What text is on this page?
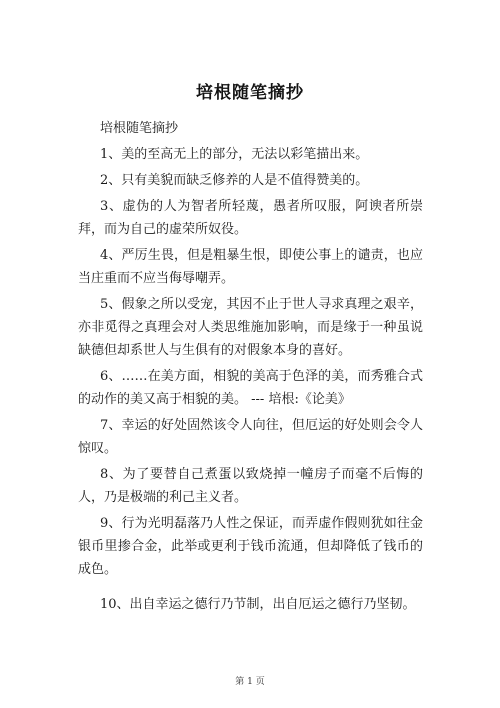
培根随笔摘抄
培根随笔摘抄
1、美的至高无上的部分，无法以彩笔描出来。
2、只有美貌而缺乏修养的人是不值得赞美的。
3、虚伪的人为智者所轻蔑，愚者所叹服，阿谀者所崇拜，而为自己的虚荣所奴役。
4、严厉生畏，但是粗暴生恨，即使公事上的谴责，也应当庄重而不应当侮辱嘲弄。
5、假象之所以受宠，其因不止于世人寻求真理之艰辛，亦非觅得之真理会对人类思维施加影响，而是缘于一种虽说缺德但却系世人与生俱有的对假象本身的喜好。
6、……在美方面，相貌的美高于色泽的美，而秀雅合式的动作的美又高于相貌的美。 --- 培根:《论美》
7、幸运的好处固然该令人向往，但厄运的好处则会令人惊叹。
8、为了要替自己煮蛋以致烧掉一幢房子而毫不后悔的人，乃是极端的利己主义者。
9、行为光明磊落乃人性之保证，而弄虚作假则犹如往金银币里掺合金，此举或更利于钱币流通，但却降低了钱币的成色。
10、出自幸运之德行乃节制，出自厄运之德行乃坚韧。
第 1 页
